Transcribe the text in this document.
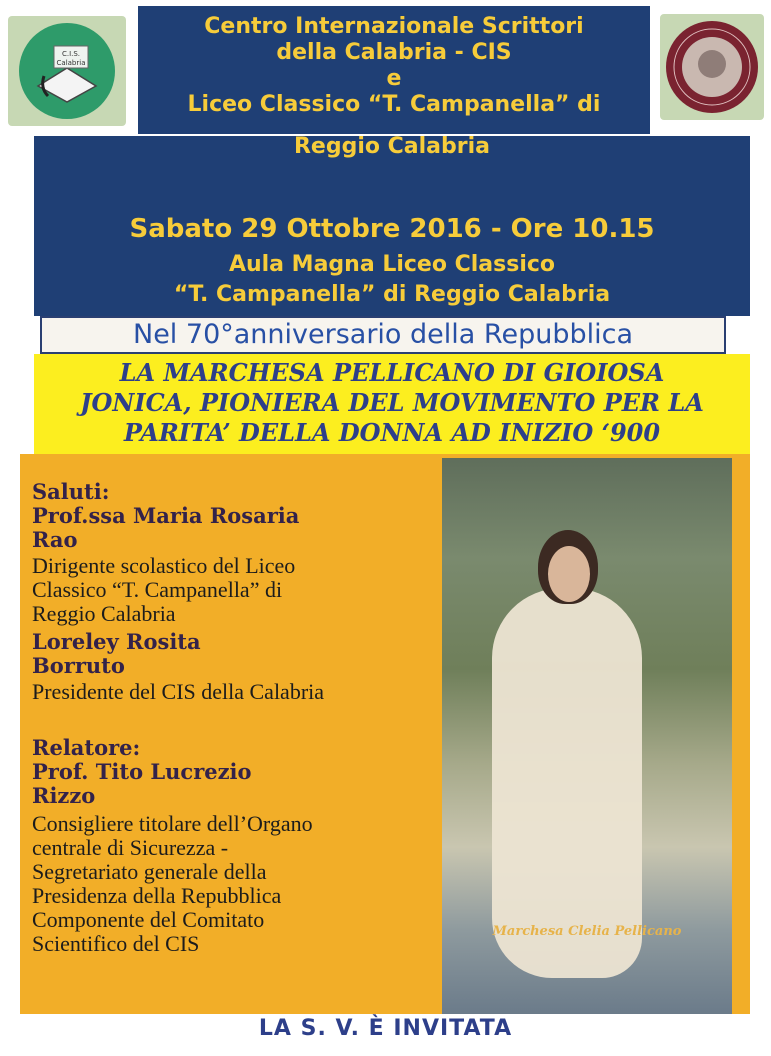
Centro Internazionale Scrittori
della Calabria - CIS
e
Liceo Classico “T. Campanella” di
C.I.S.
Calabria
Reggio Calabria
Sabato 29 Ottobre 2016 - Ore 10.15
Aula Magna Liceo Classico
“T. Campanella” di Reggio Calabria
Nel 70°anniversario della Repubblica
LA MARCHESA PELLICANO DI GIOIOSA
JONICA, PIONIERA DEL MOVIMENTO PER LA
PARITA’ DELLA DONNA AD INIZIO ‘900
Saluti:
Prof.ssa Maria Rosaria
Rao
Dirigente scolastico del Liceo
Classico “T. Campanella” di
Reggio Calabria
Loreley Rosita
Borruto
Presidente del CIS della Calabria
Relatore:
Prof. Tito Lucrezio
Rizzo
Consigliere titolare dell’Organo
centrale di Sicurezza -
Segretariato generale della
Presidenza della Repubblica
Componente del Comitato
Scientifico del CIS	Marchesa Clelia Pellicano
LA S. V. È INVITATA
